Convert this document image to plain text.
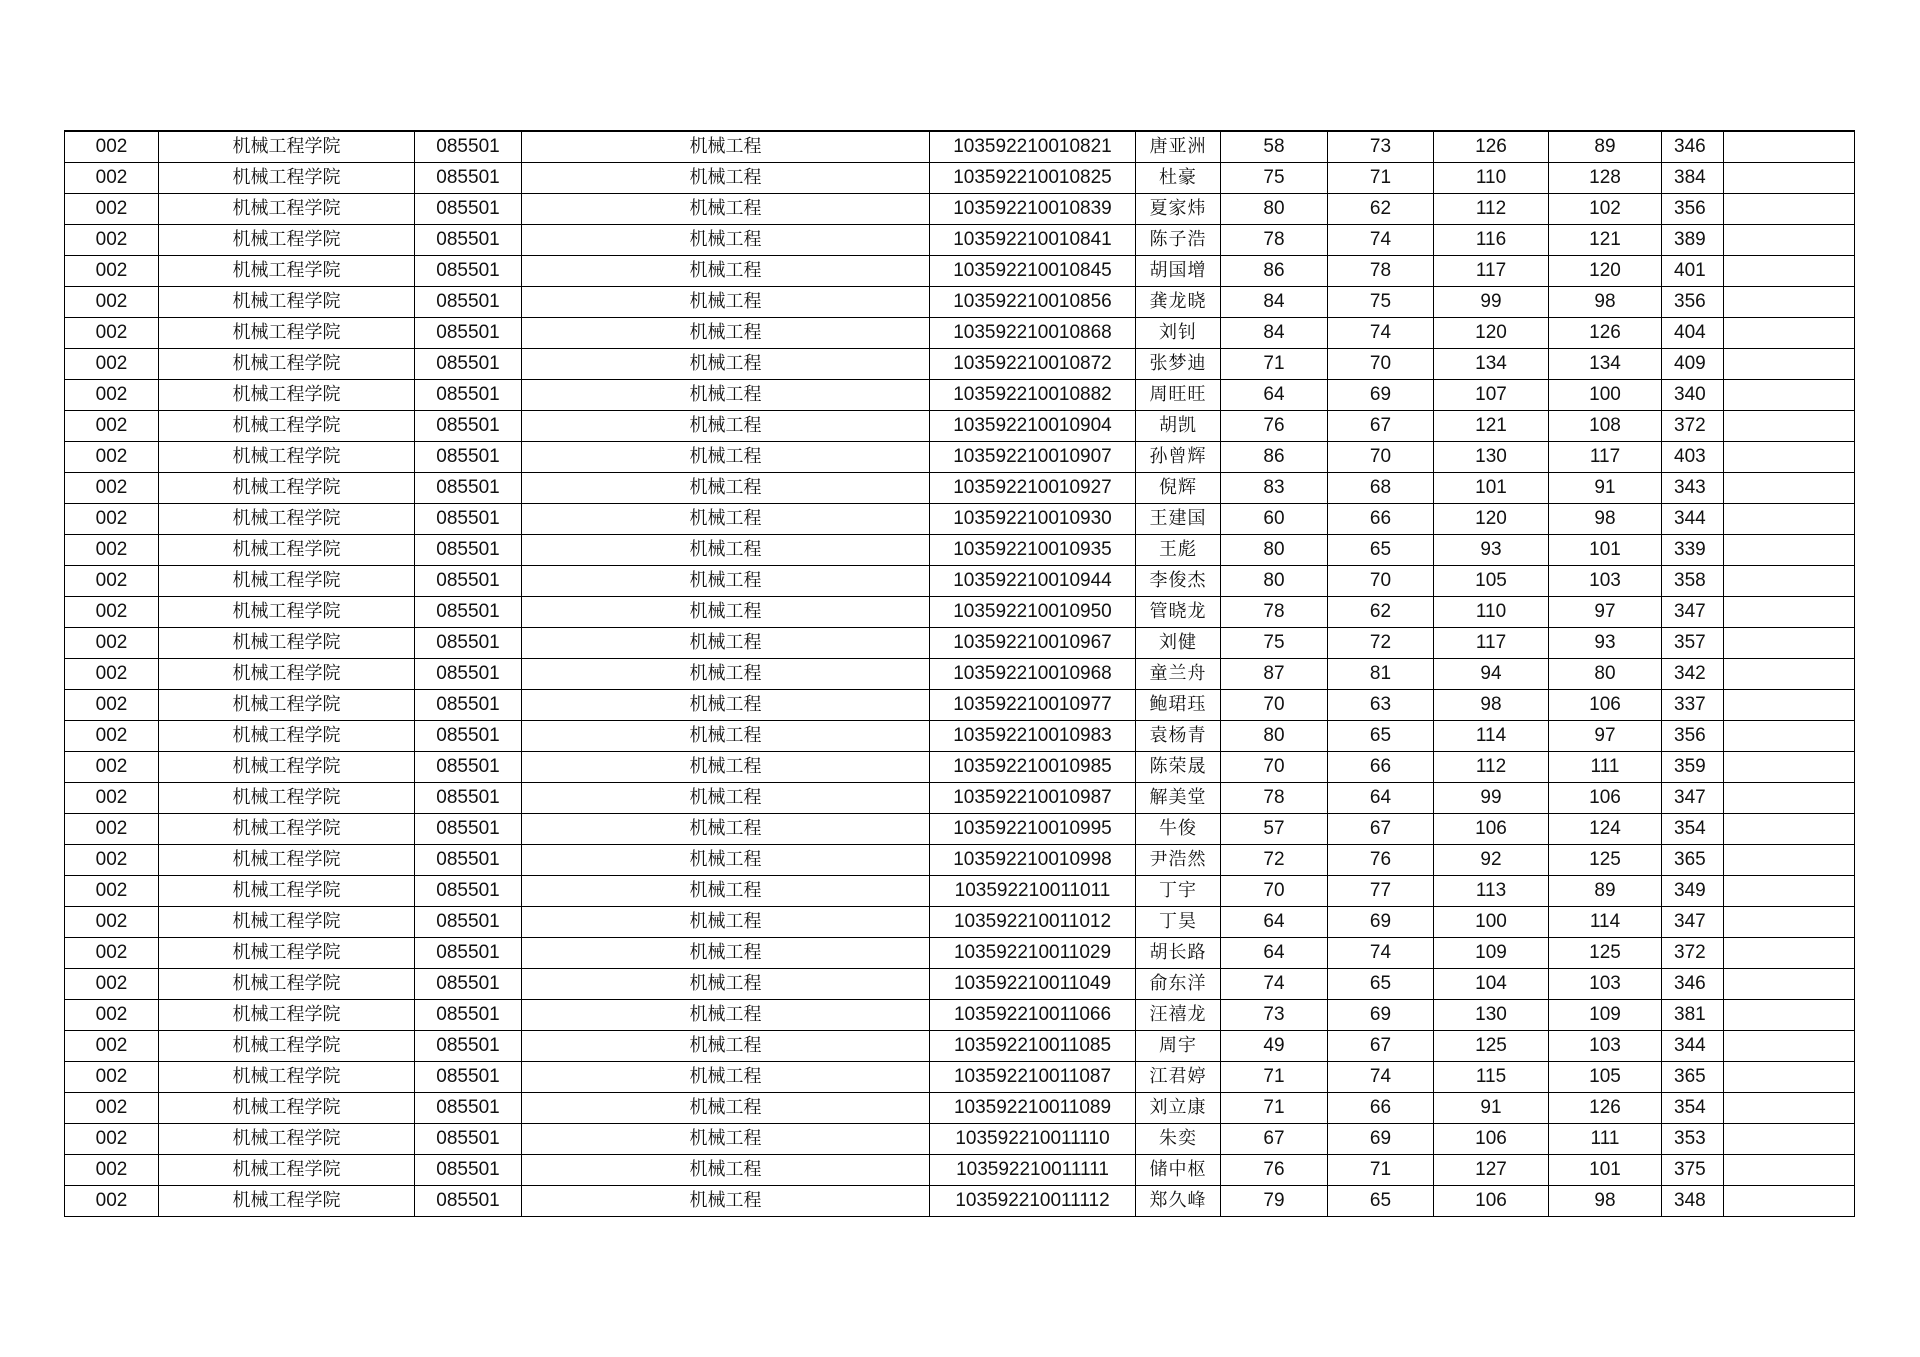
002	机械工程学院	085501	机械工程	103592210010821	唐亚洲	58	73	126	89	346	
002	机械工程学院	085501	机械工程	103592210010825	杜豪	75	71	110	128	384	
002	机械工程学院	085501	机械工程	103592210010839	夏家炜	80	62	112	102	356	
002	机械工程学院	085501	机械工程	103592210010841	陈子浩	78	74	116	121	389	
002	机械工程学院	085501	机械工程	103592210010845	胡国增	86	78	117	120	401	
002	机械工程学院	085501	机械工程	103592210010856	龚龙晓	84	75	99	98	356	
002	机械工程学院	085501	机械工程	103592210010868	刘钊	84	74	120	126	404	
002	机械工程学院	085501	机械工程	103592210010872	张梦迪	71	70	134	134	409	
002	机械工程学院	085501	机械工程	103592210010882	周旺旺	64	69	107	100	340	
002	机械工程学院	085501	机械工程	103592210010904	胡凯	76	67	121	108	372	
002	机械工程学院	085501	机械工程	103592210010907	孙曾辉	86	70	130	117	403	
002	机械工程学院	085501	机械工程	103592210010927	倪辉	83	68	101	91	343	
002	机械工程学院	085501	机械工程	103592210010930	王建国	60	66	120	98	344	
002	机械工程学院	085501	机械工程	103592210010935	王彪	80	65	93	101	339	
002	机械工程学院	085501	机械工程	103592210010944	李俊杰	80	70	105	103	358	
002	机械工程学院	085501	机械工程	103592210010950	管晓龙	78	62	110	97	347	
002	机械工程学院	085501	机械工程	103592210010967	刘健	75	72	117	93	357	
002	机械工程学院	085501	机械工程	103592210010968	童兰舟	87	81	94	80	342	
002	机械工程学院	085501	机械工程	103592210010977	鲍珺珏	70	63	98	106	337	
002	机械工程学院	085501	机械工程	103592210010983	袁杨青	80	65	114	97	356	
002	机械工程学院	085501	机械工程	103592210010985	陈荣晟	70	66	112	111	359	
002	机械工程学院	085501	机械工程	103592210010987	解美堂	78	64	99	106	347	
002	机械工程学院	085501	机械工程	103592210010995	牛俊	57	67	106	124	354	
002	机械工程学院	085501	机械工程	103592210010998	尹浩然	72	76	92	125	365	
002	机械工程学院	085501	机械工程	103592210011011	丁宇	70	77	113	89	349	
002	机械工程学院	085501	机械工程	103592210011012	丁昊	64	69	100	114	347	
002	机械工程学院	085501	机械工程	103592210011029	胡长路	64	74	109	125	372	
002	机械工程学院	085501	机械工程	103592210011049	俞东洋	74	65	104	103	346	
002	机械工程学院	085501	机械工程	103592210011066	汪禧龙	73	69	130	109	381	
002	机械工程学院	085501	机械工程	103592210011085	周宇	49	67	125	103	344	
002	机械工程学院	085501	机械工程	103592210011087	江君婷	71	74	115	105	365	
002	机械工程学院	085501	机械工程	103592210011089	刘立康	71	66	91	126	354	
002	机械工程学院	085501	机械工程	103592210011110	朱奕	67	69	106	111	353	
002	机械工程学院	085501	机械工程	103592210011111	储中枢	76	71	127	101	375	
002	机械工程学院	085501	机械工程	103592210011112	郑久峰	79	65	106	98	348	
